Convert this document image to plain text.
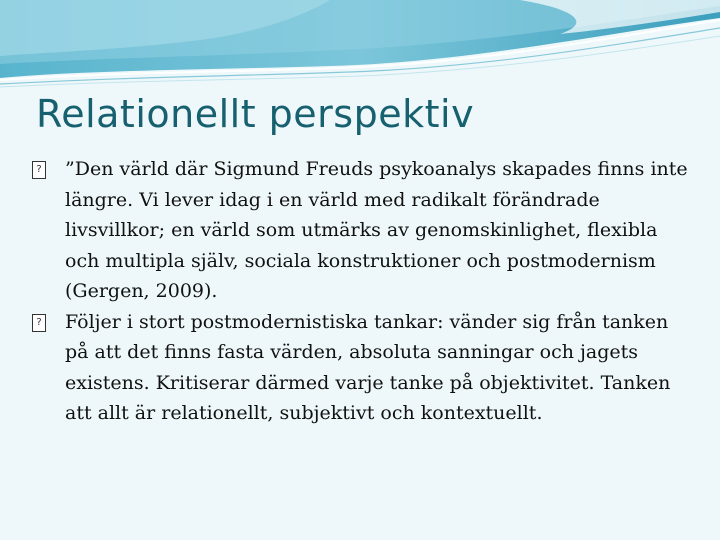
Relationellt perspektiv
? ”Den värld där Sigmund Freuds psykoanalys skapades finns inte längre. Vi lever idag i en värld med radikalt förändrade livsvillkor; en värld som utmärks av genomskinlighet, flexibla och multipla själv, sociala konstruktioner och postmodernism (Gergen, 2009).
? Följer i stort postmodernistiska tankar: vänder sig från tanken på att det finns fasta värden, absoluta sanningar och jagets existens. Kritiserar därmed varje tanke på objektivitet. Tanken att allt är relationellt, subjektivt och kontextuellt.
